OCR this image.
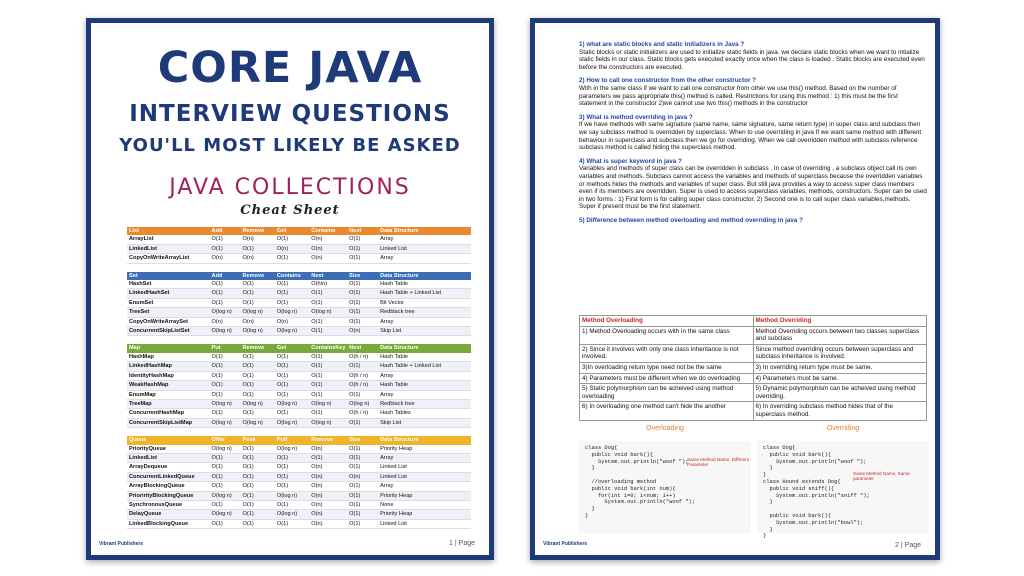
CORE JAVA
INTERVIEW QUESTIONS
YOU'LL MOST LIKELY BE ASKED
JAVA COLLECTIONS
Cheat Sheet
List	Add	Remove	Get	Contains	Next	Data Structure
ArrayList	O(1)	O(n)	O(1)	O(n)	O(1)	Array
LinkedList	O(1)	O(1)	O(n)	O(n)	O(1)	Linked List
CopyOnWriteArrayList	O(n)	O(n)	O(1)	O(n)	O(1)	Array
Set	Add	Remove	Contains	Next	Size	Data Structure
HashSet	O(1)	O(1)	O(1)	O(h/n)	O(1)	Hash Table
LinkedHashSet	O(1)	O(1)	O(1)	O(1)	O(1)	Hash Table + Linked List
EnumSet	O(1)	O(1)	O(1)	O(1)	O(1)	Bit Vector
TreeSet	O(log n)	O(log n)	O(log n)	O(log n)	O(1)	Redblack tree
CopyOnWriteArraySet	O(n)	O(n)	O(n)	O(1)	O(1)	Array
ConcurrentSkipListSet	O(log n)	O(log n)	O(log n)	O(1)	O(n)	Skip List
Map	Put	Remove	Get	ContainsKey	Next	Data Structure
HashMap	O(1)	O(1)	O(1)	O(1)	O(h / n)	Hash Table
LinkedHashMap	O(1)	O(1)	O(1)	O(1)	O(1)	Hash Table + Linked List
IdentityHashMap	O(1)	O(1)	O(1)	O(1)	O(h / n)	Array
WeakHashMap	O(1)	O(1)	O(1)	O(1)	O(h / n)	Hash Table
EnumMap	O(1)	O(1)	O(1)	O(1)	O(1)	Array
TreeMap	O(log n)	O(log n)	O(log n)	O(log n)	O(log n)	Redblack tree
ConcurrentHashMap	O(1)	O(1)	O(1)	O(1)	O(h / n)	Hash Tables
ConcurrentSkipListMap	O(log n)	O(log n)	O(log n)	O(log n)	O(1)	Skip List
Queue	Offer	Peak	Poll	Remove	Size	Data Structure
PriorityQueue	O(log n)	O(1)	O(log n)	O(n)	O(1)	Priority Heap
LinkedList	O(1)	O(1)	O(1)	O(1)	O(1)	Array
ArrayDequeue	O(1)	O(1)	O(1)	O(n)	O(1)	Linked List
ConcurrentLinkedQueue	O(1)	O(1)	O(1)	O(n)	O(n)	Linked List
ArrayBlockingQueue	O(1)	O(1)	O(1)	O(n)	O(1)	Array
PriorirityBlockingQueue	O(log n)	O(1)	O(log n)	O(n)	O(1)	Priority Heap
SynchronousQueue	O(1)	O(1)	O(1)	O(n)	O(1)	None
DelayQueue	O(log n)	O(1)	O(log n)	O(n)	O(1)	Priority Heap
LinkedBlockingQueue	O(1)	O(1)	O(1)	O(n)	O(1)	Linked List
Vibrant Publishers	1 | Page
1) what are static blocks and static initializers in Java ?

Static blocks or static initializers are used to initialize static fields in java. we declare static blocks when we want to intialize static fields in our class. Static blocks gets executed exactly once when the class is loaded . Static blocks are executed even before the constructors are executed.

2) How to call one constructor from the other constructor ?

With in the same class if we want to call one constructor from other we use this() method. Based on the number of parameters we pass appropriate this() method is called. Restrictions for using this method : 1) this must be the first statement in the constructor 2)we cannot use two this() methods in the constructor

3) What is method overriding in java ?

If we have methods with same signature (same name, same signature, same return type) in super class and subclass then we say subclass method is overridden by superclass. When to use overriding in java If we want same method with different behaviour in superclass and subclass then we go for overriding. When we call overridden method with subclass reference subclass method is called hiding the superclass method.

4) What is super keyword in java ?

Variables and methods of super class can be overridden in subclass . In case of overriding , a subclass object call its own variables and methods. Subclass cannot access the variables and methods of superclass because the overridden variables or methods hides the methods and variables of super class. But still java provides a way to access super class members even if its members are overridden. Super is used to access superclass variables, methods, constructors. Super can be used in two forms : 1) First form is for calling super class constructor. 2) Second one is to call super class variables,methods. Super if present must be the first statement.

5) Difference between method overloading and method overriding in java ?
Method Overloading	Method Overriding
1) Method Overloading occurs with in the same class	Method Overriding occurs between two classes superclass and subclass
2) Since it involves with only one class inheritance is not involved.	Since method overriding occurs between superclass and subclass inheritance is involved.
3)In overloading return type need not be the same	3) In overriding return type must be same.
4) Parameters must be different when we do overloading	4) Parameters must be same.
5) Static polymorphism can be acheived using method overloading	5) Dynamic polymorphism can be acheived using method overriding.
6) In overloading one method can't hide the another	6) In overriding subclass method hides that of the superclass method.
Overloading
class Dog{
public void bark(){
System.out.println("woof ");
}

//overloading method
public void bark(int num){
for(int i=0; i<num; i++)
System.out.println("woof ");
}
}
Same Method Name, Different Parameter
Overriding
class Dog{
public void bark(){
System.out.println("woof ");
}
}
class Hound extends Dog{
public void sniff(){
System.out.println("sniff ");
}

public void bark(){
System.out.println("bowl");
}
}
Same Method Name, Same parameter
Vibrant Publishers	2 | Page
